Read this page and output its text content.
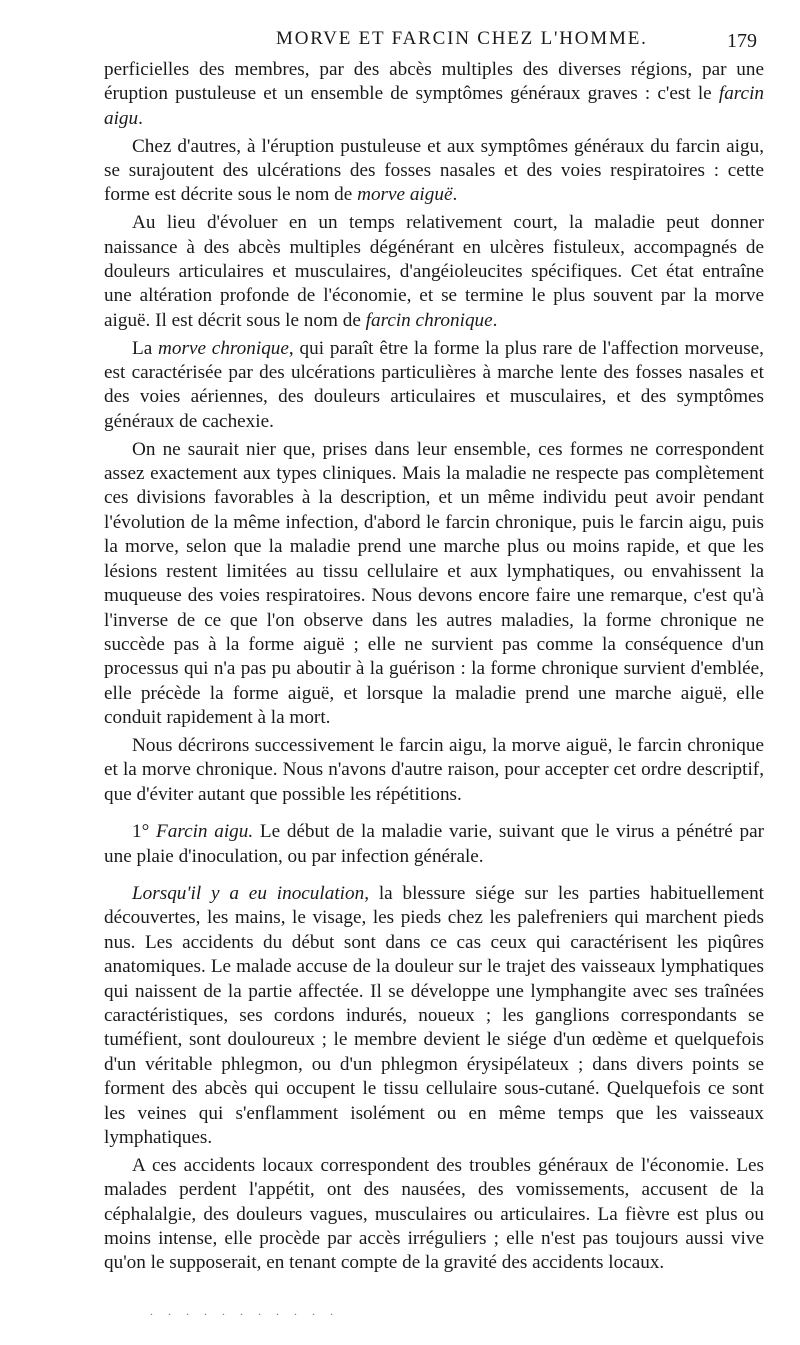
MORVE ET FARCIN CHEZ L'HOMME.	179

perficielles des membres, par des abcès multiples des diverses régions, par une éruption pustuleuse et un ensemble de symptômes généraux graves : c'est le farcin aigu.

Chez d'autres, à l'éruption pustuleuse et aux symptômes généraux du farcin aigu, se surajoutent des ulcérations des fosses nasales et des voies respiratoires : cette forme est décrite sous le nom de morve aiguë.

Au lieu d'évoluer en un temps relativement court, la maladie peut donner naissance à des abcès multiples dégénérant en ulcères fistuleux, accompagnés de douleurs articulaires et musculaires, d'angéioleucites spécifiques. Cet état entraîne une altération profonde de l'économie, et se termine le plus souvent par la morve aiguë. Il est décrit sous le nom de farcin chronique.

La morve chronique, qui paraît être la forme la plus rare de l'affection morveuse, est caractérisée par des ulcérations particulières à marche lente des fosses nasales et des voies aériennes, des douleurs articulaires et musculaires, et des symptômes généraux de cachexie.

On ne saurait nier que, prises dans leur ensemble, ces formes ne correspondent assez exactement aux types cliniques. Mais la maladie ne respecte pas complètement ces divisions favorables à la description, et un même individu peut avoir pendant l'évolution de la même infection, d'abord le farcin chronique, puis le farcin aigu, puis la morve, selon que la maladie prend une marche plus ou moins rapide, et que les lésions restent limitées au tissu cellulaire et aux lymphatiques, ou envahissent la muqueuse des voies respiratoires. Nous devons encore faire une remarque, c'est qu'à l'inverse de ce que l'on observe dans les autres maladies, la forme chronique ne succède pas à la forme aiguë ; elle ne survient pas comme la conséquence d'un processus qui n'a pas pu aboutir à la guérison : la forme chronique survient d'emblée, elle précède la forme aiguë, et lorsque la maladie prend une marche aiguë, elle conduit rapidement à la mort.

Nous décrirons successivement le farcin aigu, la morve aiguë, le farcin chronique et la morve chronique. Nous n'avons d'autre raison, pour accepter cet ordre descriptif, que d'éviter autant que possible les répétitions.

1° Farcin aigu. Le début de la maladie varie, suivant que le virus a pénétré par une plaie d'inoculation, ou par infection générale.

Lorsqu'il y a eu inoculation, la blessure siége sur les parties habituellement découvertes, les mains, le visage, les pieds chez les palefreniers qui marchent pieds nus. Les accidents du début sont dans ce cas ceux qui caractérisent les piqûres anatomiques. Le malade accuse de la douleur sur le trajet des vaisseaux lymphatiques qui naissent de la partie affectée. Il se développe une lymphangite avec ses traînées caractéristiques, ses cordons indurés, noueux ; les ganglions correspondants se tuméfient, sont douloureux ; le membre devient le siége d'un œdème et quelquefois d'un véritable phlegmon, ou d'un phlegmon érysipélateux ; dans divers points se forment des abcès qui occupent le tissu cellulaire sous-cutané. Quelquefois ce sont les veines qui s'enflamment isolément ou en même temps que les vaisseaux lymphatiques.

A ces accidents locaux correspondent des troubles généraux de l'économie. Les malades perdent l'appétit, ont des nausées, des vomissements, accusent de la céphalalgie, des douleurs vagues, musculaires ou articulaires. La fièvre est plus ou moins intense, elle procède par accès irréguliers ; elle n'est pas toujours aussi vive qu'on le supposerait, en tenant compte de la gravité des accidents locaux.

. . . . . . . . . . .
